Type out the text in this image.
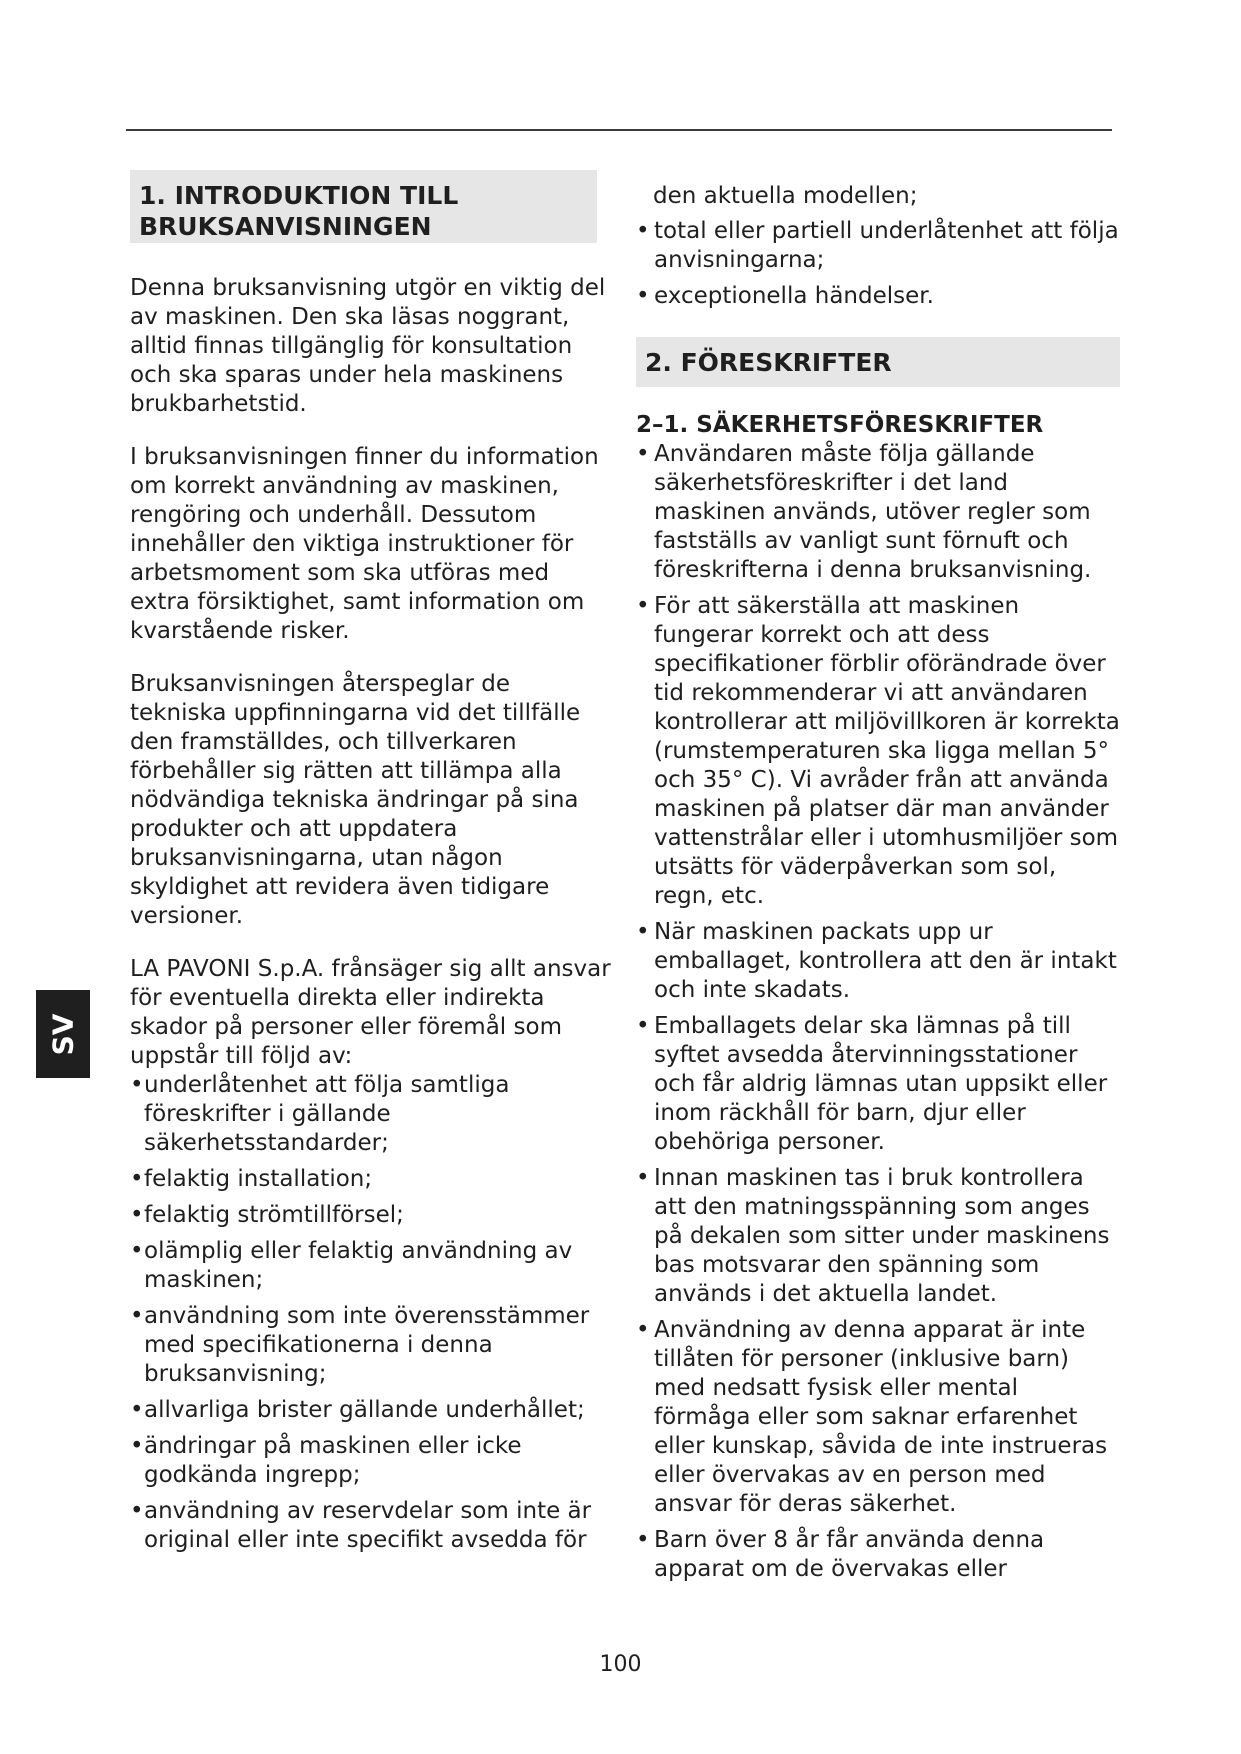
1. INTRODUKTION TILL BRUKSANVISNINGEN

Denna bruksanvisning utgör en viktig del av maskinen. Den ska läsas noggrant, alltid finnas tillgänglig för konsultation och ska sparas under hela maskinens brukbarhetstid.

I bruksanvisningen finner du information om korrekt användning av maskinen, rengöring och underhåll. Dessutom innehåller den viktiga instruktioner för arbetsmoment som ska utföras med extra försiktighet, samt information om kvarstående risker.

Bruksanvisningen återspeglar de tekniska uppfinningarna vid det tillfälle den framställdes, och tillverkaren förbehåller sig rätten att tillämpa alla nödvändiga tekniska ändringar på sina produkter och att uppdatera bruksanvisningarna, utan någon skyldighet att revidera även tidigare versioner.

LA PAVONI S.p.A. frånsäger sig allt ansvar för eventuella direkta eller indirekta skador på personer eller föremål som uppstår till följd av:

• underlåtenhet att följa samtliga föreskrifter i gällande säkerhetsstandarder;
• felaktig installation;
• felaktig strömtillförsel;
• olämplig eller felaktig användning av maskinen;
• användning som inte överensstämmer med specifikationerna i denna bruksanvisning;
• allvarliga brister gällande underhållet;
• ändringar på maskinen eller icke godkända ingrepp;
• användning av reservdelar som inte är original eller inte specifikt avsedda för
den aktuella modellen;
• total eller partiell underlåtenhet att följa anvisningarna;
• exceptionella händelser.
2. FÖRESKRIFTER
2–1. SÄKERHETSFÖRESKRIFTER
• Användaren måste följa gällande säkerhetsföreskrifter i det land maskinen används, utöver regler som fastställs av vanligt sunt förnuft och föreskrifterna i denna bruksanvisning.
• För att säkerställa att maskinen fungerar korrekt och att dess specifikationer förblir oförändrade över tid rekommenderar vi att användaren kontrollerar att miljövillkoren är korrekta (rumstemperaturen ska ligga mellan 5° och 35° C). Vi avråder från att använda maskinen på platser där man använder vattenstrålar eller i utomhusmiljöer som utsätts för väderpåverkan som sol, regn, etc.
• När maskinen packats upp ur emballaget, kontrollera att den är intakt och inte skadats.
• Emballagets delar ska lämnas på till syftet avsedda återvinningsstationer och får aldrig lämnas utan uppsikt eller inom räckhåll för barn, djur eller obehöriga personer.
• Innan maskinen tas i bruk kontrollera att den matningsspänning som anges på dekalen som sitter under maskinens bas motsvarar den spänning som används i det aktuella landet.
• Användning av denna apparat är inte tillåten för personer (inklusive barn) med nedsatt fysisk eller mental förmåga eller som saknar erfarenhet eller kunskap, såvida de inte instrueras eller övervakas av en person med ansvar för deras säkerhet.
• Barn över 8 år får använda denna apparat om de övervakas eller
SV
100
